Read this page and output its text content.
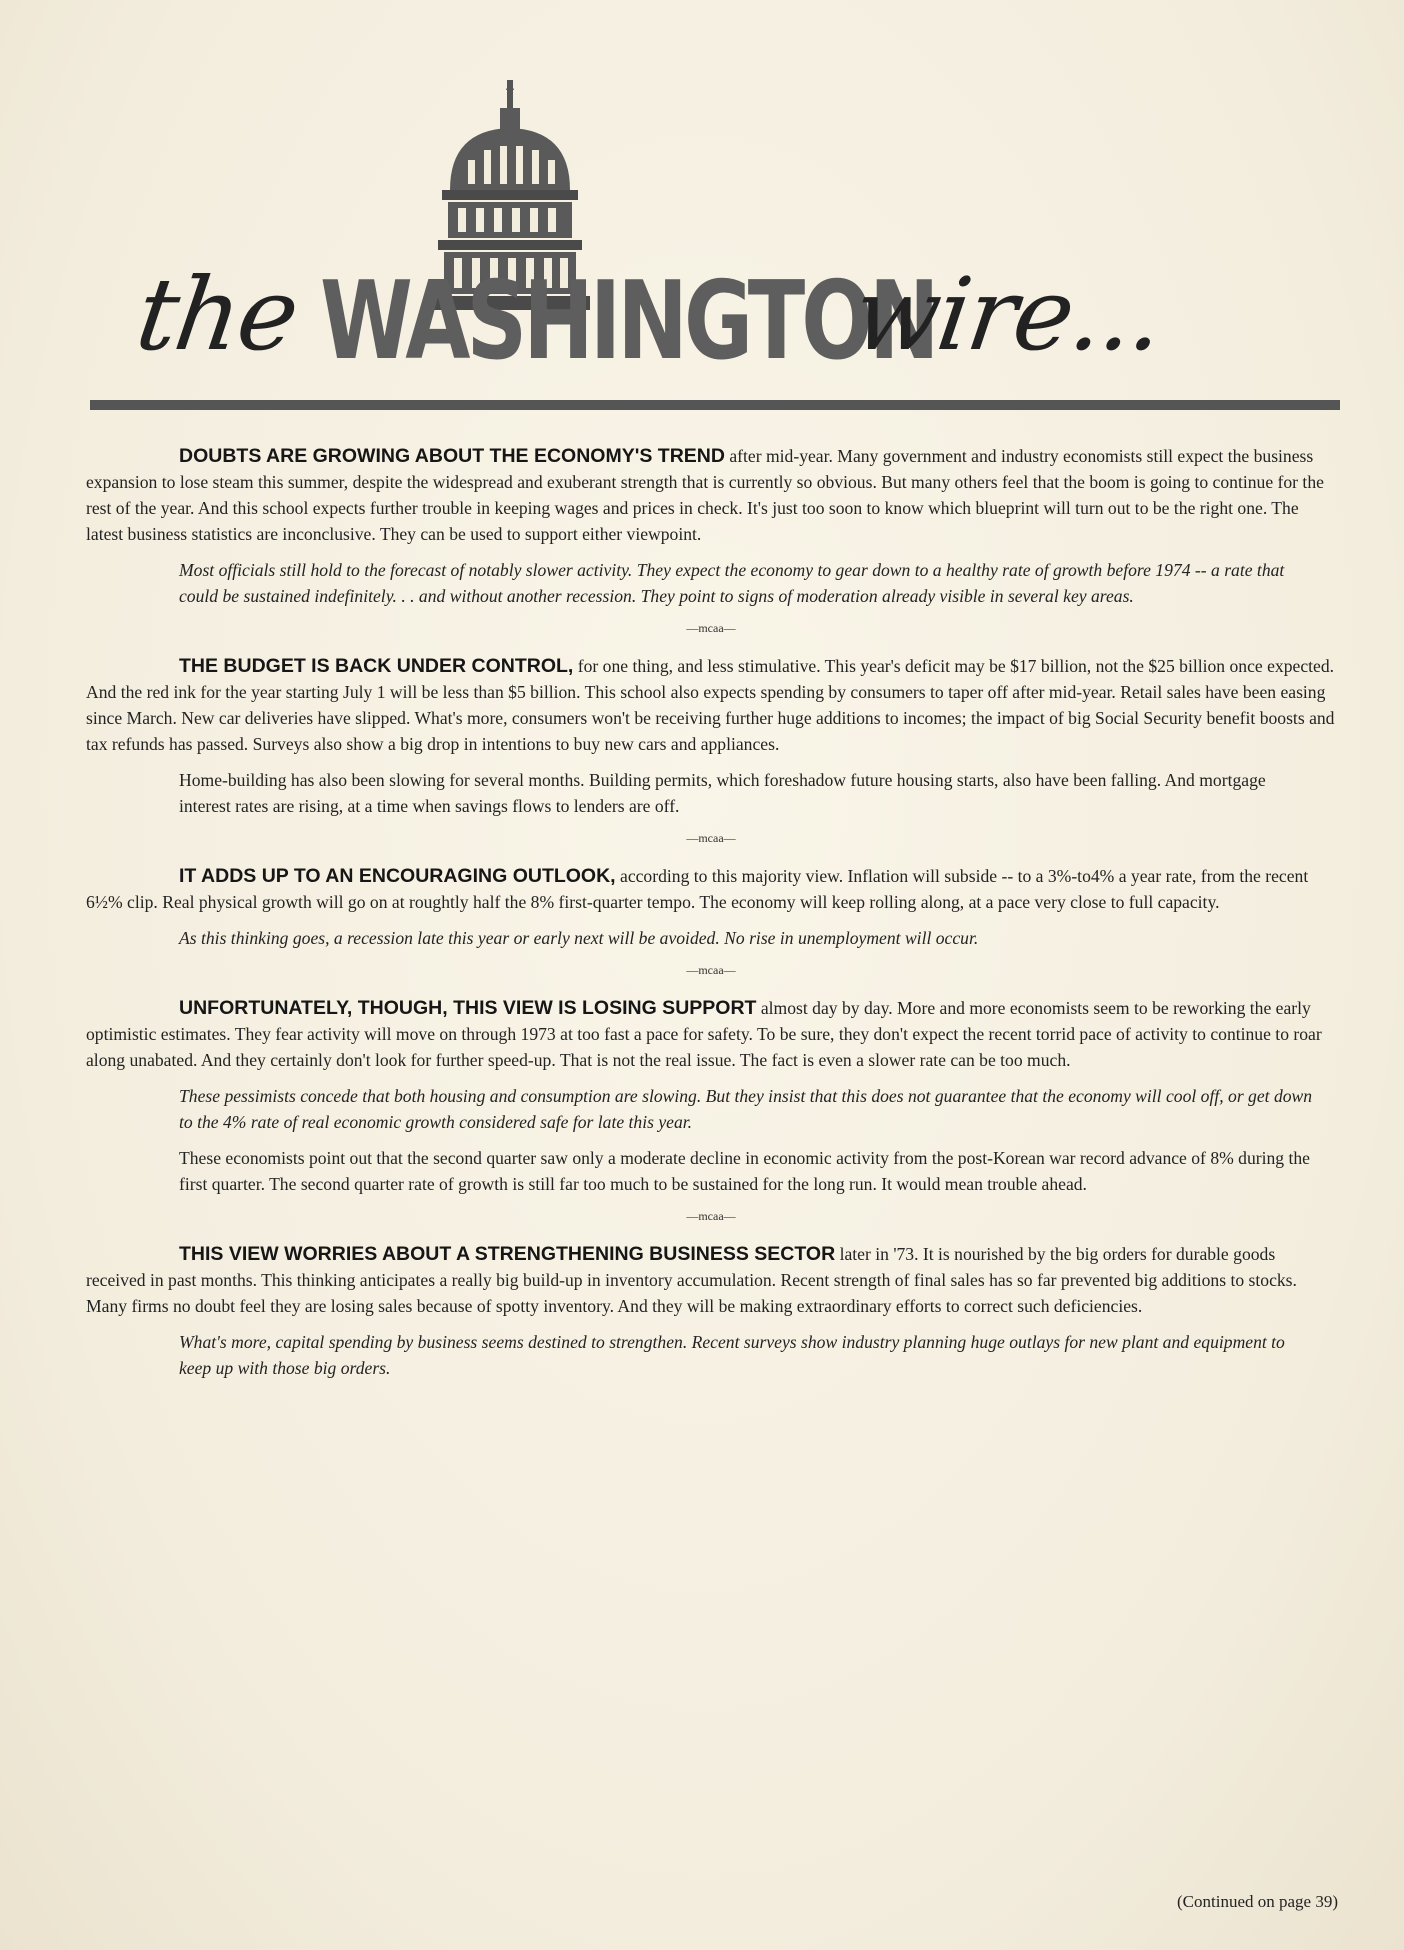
the WASHINGTON
wire...

DOUBTS ARE GROWING ABOUT THE ECONOMY'S TREND after mid-year. Many government and industry economists still expect the business expansion to lose steam this summer, despite the widespread and exuberant strength that is currently so obvious. But many others feel that the boom is going to continue for the rest of the year. And this school expects further trouble in keeping wages and prices in check. It's just too soon to know which blueprint will turn out to be the right one. The latest business statistics are inconclusive. They can be used to support either viewpoint.

Most officials still hold to the forecast of notably slower activity. They expect the economy to gear down to a healthy rate of growth before 1974 -- a rate that could be sustained indefinitely. . . and without another recession. They point to signs of moderation already visible in several key areas.

—mcaa—

THE BUDGET IS BACK UNDER CONTROL, for one thing, and less stimulative. This year's deficit may be $17 billion, not the $25 billion once expected. And the red ink for the year starting July 1 will be less than $5 billion. This school also expects spending by consumers to taper off after mid-year. Retail sales have been easing since March. New car deliveries have slipped. What's more, consumers won't be receiving further huge additions to incomes; the impact of big Social Security benefit boosts and tax refunds has passed. Surveys also show a big drop in intentions to buy new cars and appliances.

Home-building has also been slowing for several months. Building permits, which foreshadow future housing starts, also have been falling. And mortgage interest rates are rising, at a time when savings flows to lenders are off.

—mcaa—

IT ADDS UP TO AN ENCOURAGING OUTLOOK, according to this majority view. Inflation will subside -- to a 3%-to4% a year rate, from the recent 6½% clip. Real physical growth will go on at roughtly half the 8% first-quarter tempo. The economy will keep rolling along, at a pace very close to full capacity.

As this thinking goes, a recession late this year or early next will be avoided. No rise in unemployment will occur.

—mcaa—

UNFORTUNATELY, THOUGH, THIS VIEW IS LOSING SUPPORT almost day by day. More and more economists seem to be reworking the early optimistic estimates. They fear activity will move on through 1973 at too fast a pace for safety. To be sure, they don't expect the recent torrid pace of activity to continue to roar along unabated. And they certainly don't look for further speed-up. That is not the real issue. The fact is even a slower rate can be too much.

These pessimists concede that both housing and consumption are slowing. But they insist that this does not guarantee that the economy will cool off, or get down to the 4% rate of real economic growth considered safe for late this year.

These economists point out that the second quarter saw only a moderate decline in economic activity from the post-Korean war record advance of 8% during the first quarter. The second quarter rate of growth is still far too much to be sustained for the long run. It would mean trouble ahead.

—mcaa—

THIS VIEW WORRIES ABOUT A STRENGTHENING BUSINESS SECTOR later in '73. It is nourished by the big orders for durable goods received in past months. This thinking anticipates a really big build-up in inventory accumulation. Recent strength of final sales has so far prevented big additions to stocks. Many firms no doubt feel they are losing sales because of spotty inventory. And they will be making extraordinary efforts to correct such deficiencies.

What's more, capital spending by business seems destined to strengthen. Recent surveys show industry planning huge outlays for new plant and equipment to keep up with those big orders.

(Continued on page 39)
